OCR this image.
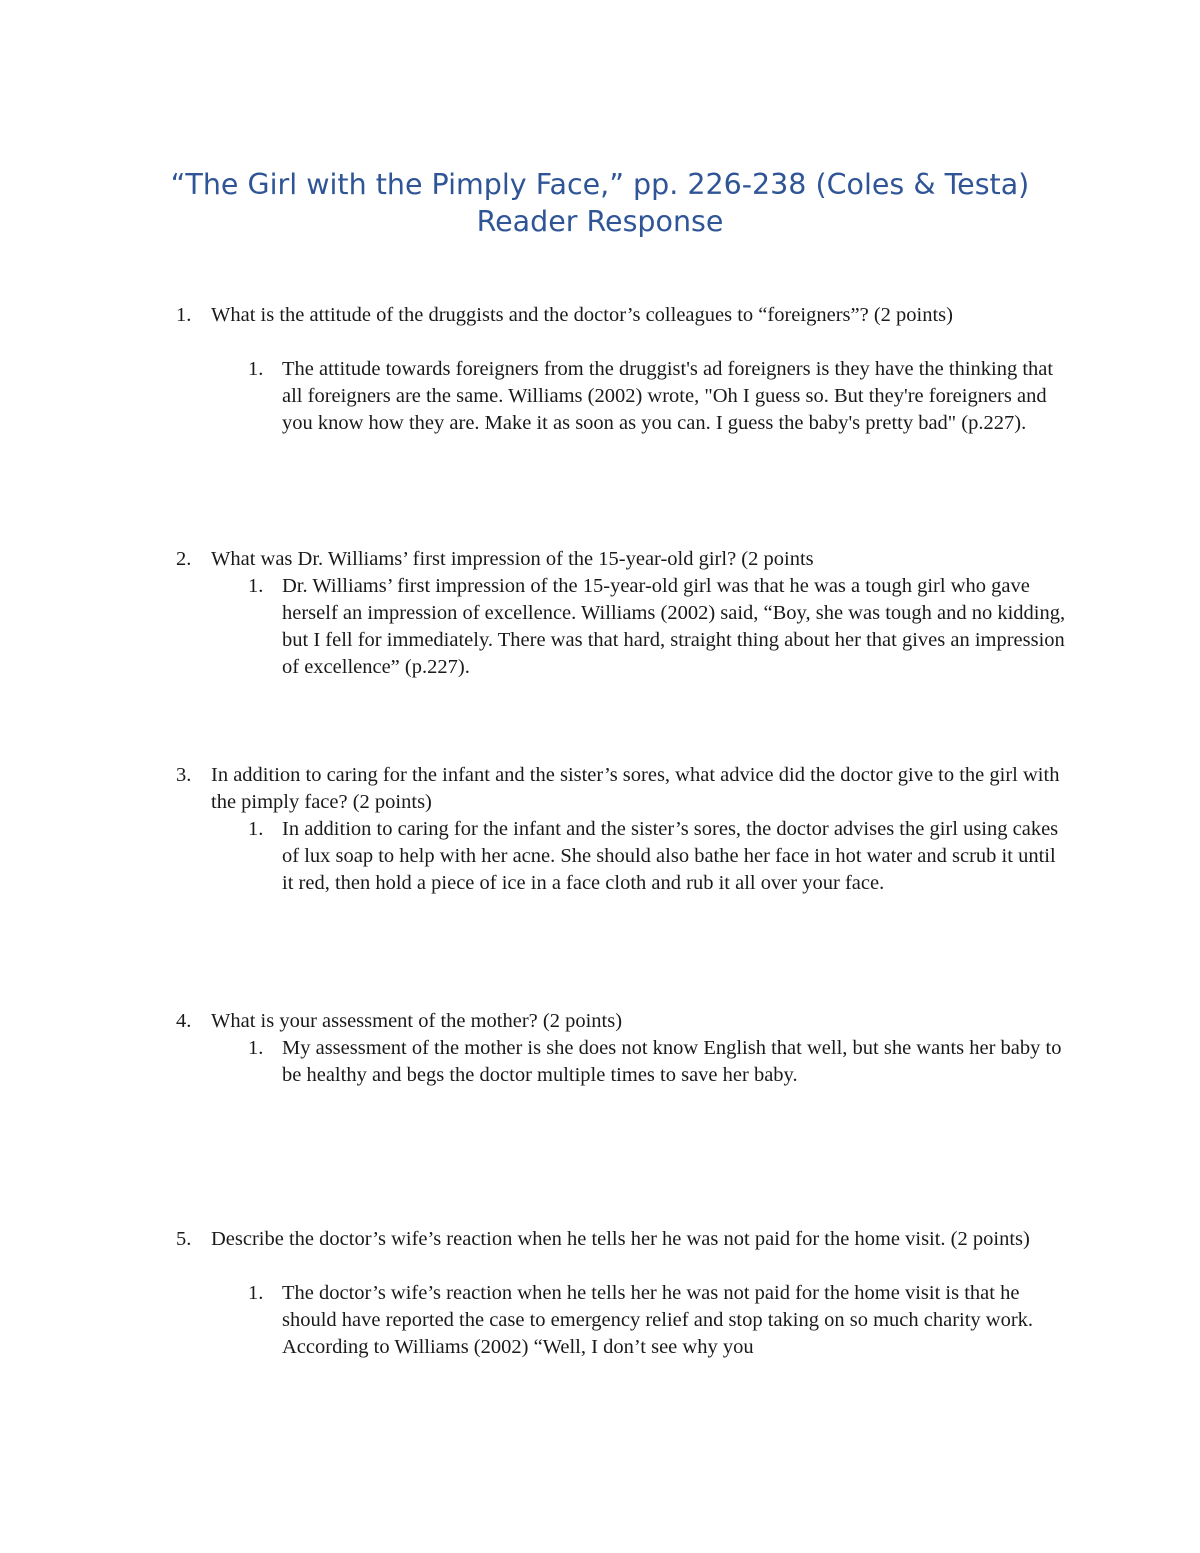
“The Girl with the Pimply Face,” pp. 226-238 (Coles & Testa) Reader Response
1. What is the attitude of the druggists and the doctor’s colleagues to “foreigners”? (2 points)

1. The attitude towards foreigners from the druggist's ad foreigners is they have the thinking that all foreigners are the same. Williams (2002) wrote, "Oh I guess so. But they're foreigners and you know how they are. Make it as soon as you can. I guess the baby's pretty bad" (p.227).

2. What was Dr. Williams’ first impression of the 15-year-old girl? (2 points

1. Dr. Williams’ first impression of the 15-year-old girl was that he was a tough girl who gave herself an impression of excellence. Williams (2002) said, “Boy, she was tough and no kidding, but I fell for immediately. There was that hard, straight thing about her that gives an impression of excellence” (p.227).

3. In addition to caring for the infant and the sister’s sores, what advice did the doctor give to the girl with the pimply face? (2 points)

1. In addition to caring for the infant and the sister’s sores, the doctor advises the girl using cakes of lux soap to help with her acne. She should also bathe her face in hot water and scrub it until it red, then hold a piece of ice in a face cloth and rub it all over your face.

4. What is your assessment of the mother? (2 points)

1. My assessment of the mother is she does not know English that well, but she wants her baby to be healthy and begs the doctor multiple times to save her baby.

5. Describe the doctor’s wife’s reaction when he tells her he was not paid for the home visit. (2 points)

1. The doctor’s wife’s reaction when he tells her he was not paid for the home visit is that he should have reported the case to emergency relief and stop taking on so much charity work. According to Williams (2002) “Well, I don’t see why you
